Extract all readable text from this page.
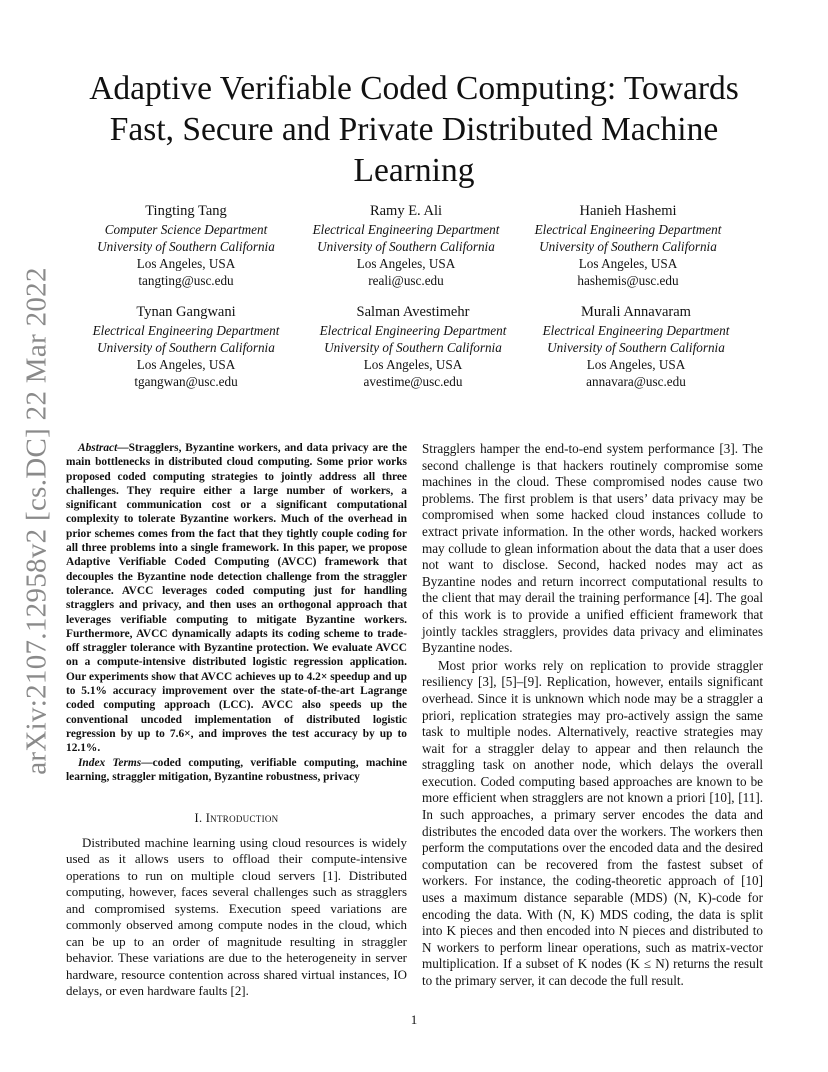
arXiv:2107.12958v2 [cs.DC] 22 Mar 2022
Adaptive Verifiable Coded Computing: Towards
Fast, Secure and Private Distributed Machine
Learning
Tingting Tang
Computer Science Department
University of Southern California
Los Angeles, USA
tangting@usc.edu
Ramy E. Ali
Electrical Engineering Department
University of Southern California
Los Angeles, USA
reali@usc.edu
Hanieh Hashemi
Electrical Engineering Department
University of Southern California
Los Angeles, USA
hashemis@usc.edu
Tynan Gangwani
Electrical Engineering Department
University of Southern California
Los Angeles, USA
tgangwan@usc.edu
Salman Avestimehr
Electrical Engineering Department
University of Southern California
Los Angeles, USA
avestime@usc.edu
Murali Annavaram
Electrical Engineering Department
University of Southern California
Los Angeles, USA
annavara@usc.edu

Abstract—Stragglers, Byzantine workers, and data privacy are the main bottlenecks in distributed cloud computing. Some prior works proposed coded computing strategies to jointly address all three challenges. They require either a large number of workers, a significant communication cost or a significant computational complexity to tolerate Byzantine workers. Much of the overhead in prior schemes comes from the fact that they tightly couple coding for all three problems into a single framework. In this paper, we propose Adaptive Verifiable Coded Computing (AVCC) framework that decouples the Byzantine node detection challenge from the straggler tolerance. AVCC leverages coded computing just for handling stragglers and privacy, and then uses an orthogonal approach that leverages verifiable computing to mitigate Byzantine workers. Furthermore, AVCC dynamically adapts its coding scheme to trade-off straggler tolerance with Byzantine protection. We evaluate AVCC on a compute-intensive distributed logistic regression application. Our experiments show that AVCC achieves up to 4.2× speedup and up to 5.1% accuracy improvement over the state-of-the-art Lagrange coded computing approach (LCC). AVCC also speeds up the conventional uncoded implementation of distributed logistic regression by up to 7.6×, and improves the test accuracy by up to 12.1%.

Index Terms—coded computing, verifiable computing, machine learning, straggler mitigation, Byzantine robustness, privacy

I. Introduction

Distributed machine learning using cloud resources is widely used as it allows users to offload their compute-intensive operations to run on multiple cloud servers [1]. Distributed computing, however, faces several challenges such as stragglers and compromised systems. Execution speed variations are commonly observed among compute nodes in the cloud, which can be up to an order of magnitude resulting in straggler behavior. These variations are due to the heterogeneity in server hardware, resource contention across shared virtual instances, IO delays, or even hardware faults [2].

Stragglers hamper the end-to-end system performance [3]. The second challenge is that hackers routinely compromise some machines in the cloud. These compromised nodes cause two problems. The first problem is that users’ data privacy may be compromised when some hacked cloud instances collude to extract private information. In the other words, hacked workers may collude to glean information about the data that a user does not want to disclose. Second, hacked nodes may act as Byzantine nodes and return incorrect computational results to the client that may derail the training performance [4]. The goal of this work is to provide a unified efficient framework that jointly tackles stragglers, provides data privacy and eliminates Byzantine nodes.

Most prior works rely on replication to provide straggler resiliency [3], [5]–[9]. Replication, however, entails significant overhead. Since it is unknown which node may be a straggler a priori, replication strategies may pro-actively assign the same task to multiple nodes. Alternatively, reactive strategies may wait for a straggler delay to appear and then relaunch the straggling task on another node, which delays the overall execution. Coded computing based approaches are known to be more efficient when stragglers are not known a priori [10], [11]. In such approaches, a primary server encodes the data and distributes the encoded data over the workers. The workers then perform the computations over the encoded data and the desired computation can be recovered from the fastest subset of workers. For instance, the coding-theoretic approach of [10] uses a maximum distance separable (MDS) (N, K)-code for encoding the data. With (N, K) MDS coding, the data is split into K pieces and then encoded into N pieces and distributed to N workers to perform linear operations, such as matrix-vector multiplication. If a subset of K nodes (K ≤ N) returns the result to the primary server, it can decode the full result.

1
